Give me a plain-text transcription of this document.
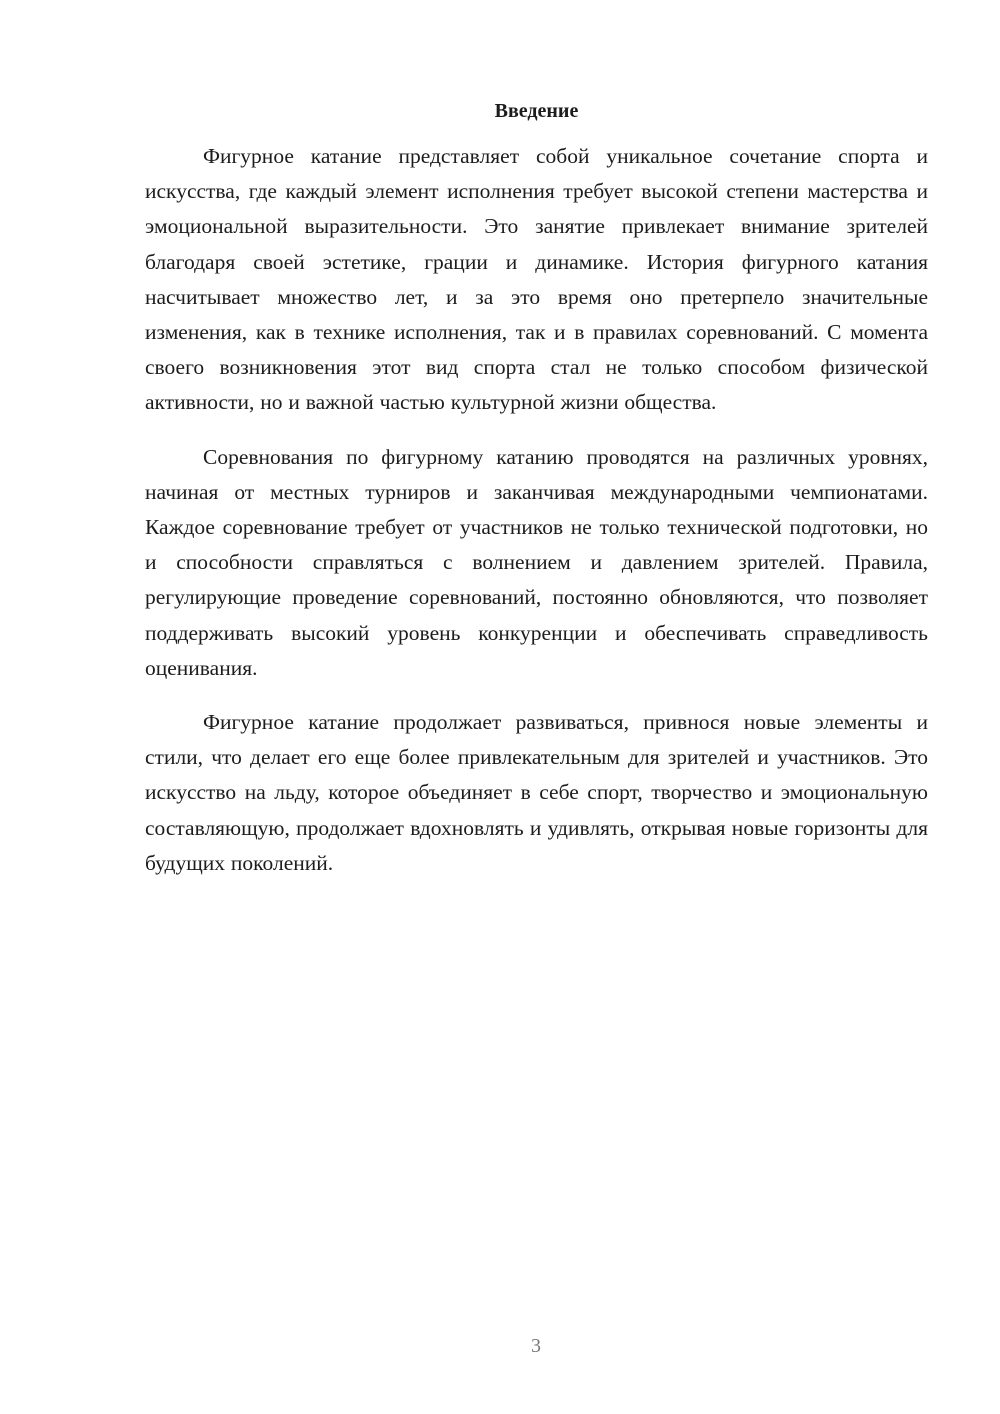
Введение

Фигурное катание представляет собой уникальное сочетание спорта и искусства, где каждый элемент исполнения требует высокой степени мастерства и эмоциональной выразительности. Это занятие привлекает внимание зрителей благодаря своей эстетике, грации и динамике. История фигурного катания насчитывает множество лет, и за это время оно претерпело значительные изменения, как в технике исполнения, так и в правилах соревнований. С момента своего возникновения этот вид спорта стал не только способом физической активности, но и важной частью культурной жизни общества.

Соревнования по фигурному катанию проводятся на различных уровнях, начиная от местных турниров и заканчивая международными чемпионатами. Каждое соревнование требует от участников не только технической подготовки, но и способности справляться с волнением и давлением зрителей. Правила, регулирующие проведение соревнований, постоянно обновляются, что позволяет поддерживать высокий уровень конкуренции и обеспечивать справедливость оценивания.

Фигурное катание продолжает развиваться, привнося новые элементы и стили, что делает его еще более привлекательным для зрителей и участников. Это искусство на льду, которое объединяет в себе спорт, творчество и эмоциональную составляющую, продолжает вдохновлять и удивлять, открывая новые горизонты для будущих поколений.

3
